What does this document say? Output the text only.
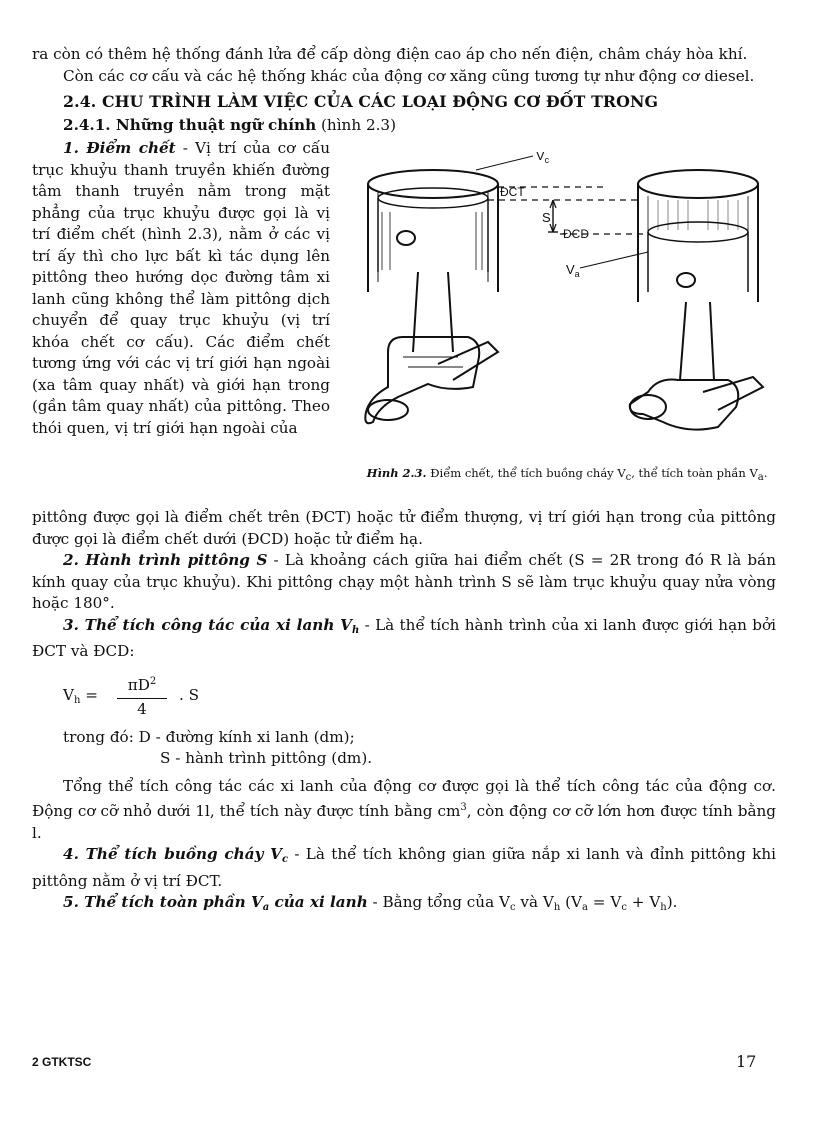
ra còn có thêm hệ thống đánh lửa để cấp dòng điện cao áp cho nến điện, châm cháy hòa khí.

Còn các cơ cấu và các hệ thống khác của động cơ xăng cũng tương tự như động cơ diesel.

2.4. CHU TRÌNH LÀM VIỆC CỦA CÁC LOẠI ĐỘNG CƠ ĐỐT TRONG

2.4.1. Những thuật ngữ chính (hình 2.3)

1. Điểm chết - Vị trí của cơ cấu trục khuỷu thanh truyền khiến đường tâm thanh truyền nằm trong mặt phẳng của trục khuỷu được gọi là vị trí điểm chết (hình 2.3), nằm ở các vị trí ấy thì cho lực bất kì tác dụng lên pittông theo hướng dọc đường tâm xi lanh cũng không thể làm pittông dịch chuyển để quay trục khuỷu (vị trí khóa chết cơ cấu). Các điểm chết tương ứng với các vị trí giới hạn ngoài (xa tâm quay nhất) và giới hạn trong (gần tâm quay nhất) của pittông. Theo thói quen, vị trí giới hạn ngoài của

$V_c$
ĐCT
S
ĐCD
$V_a$
Hình 2.3. Điểm chết, thể tích buồng cháy $V_c$, thể tích toàn phần $V_a$.

pittông được gọi là điểm chết trên (ĐCT) hoặc tử điểm thượng, vị trí giới hạn trong của pittông được gọi là điểm chết dưới (ĐCD) hoặc tử điểm hạ.

2. Hành trình pittông S - Là khoảng cách giữa hai điểm chết (S = 2R trong đó R là bán kính quay của trục khuỷu). Khi pittông chạy một hành trình S sẽ làm trục khuỷu quay nửa vòng hoặc 180°.

3. Thể tích công tác của xi lanh $V_h$ - Là thể tích hành trình của xi lanh được giới hạn bởi ĐCT và ĐCD:

$V_h = \frac{\pi D^2}{4}$ . S

trong đó: D - đường kính xi lanh (dm);

S - hành trình pittông (dm).

Tổng thể tích công tác các xi lanh của động cơ được gọi là thể tích công tác của động cơ. Động cơ cỡ nhỏ dưới 1l, thể tích này được tính bằng $cm^3$, còn động cơ cỡ lớn hơn được tính bằng l.

4. Thể tích buồng cháy $V_c$ - Là thể tích không gian giữa nắp xi lanh và đỉnh pittông khi pittông nằm ở vị trí ĐCT.

5. Thể tích toàn phần $V_a$ của xi lanh - Bằng tổng của $V_c$ và $V_h$ $(V_a = V_c + V_h)$.

2 GTKTSC	17
